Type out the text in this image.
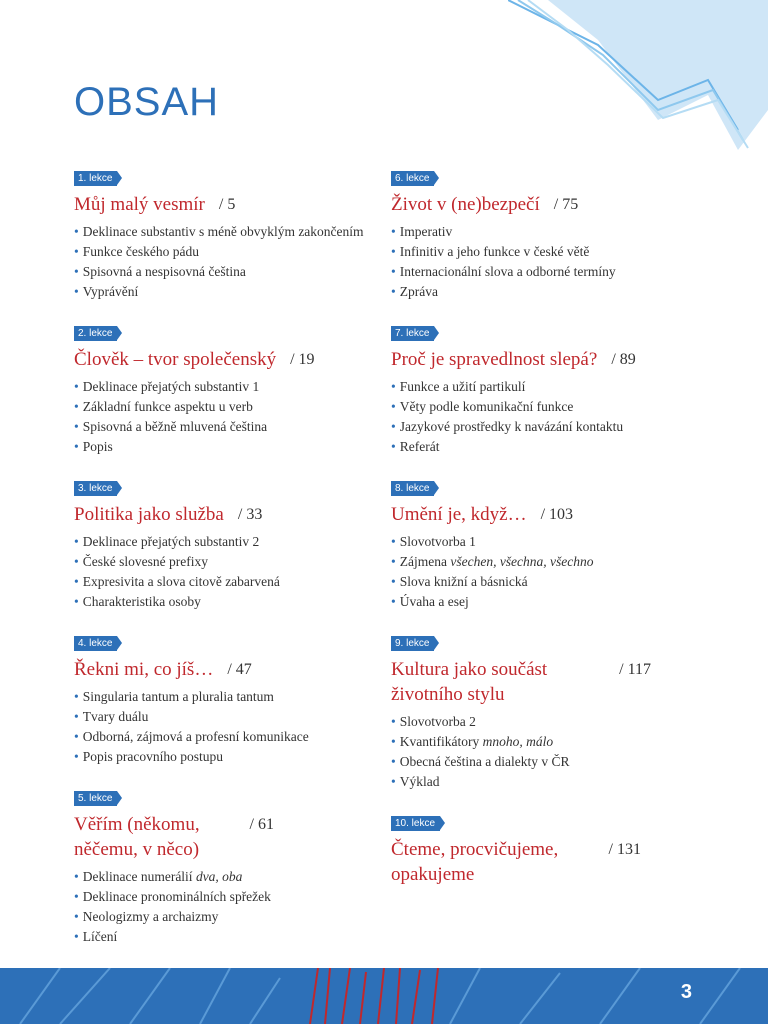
OBSAH
1. lekce
Můj malý vesmír / 5
• Deklinace substantiv s méně obvyklým zakončením
• Funkce českého pádu
• Spisovná a nespisovná čeština
• Vyprávění
2. lekce
Člověk – tvor společenský / 19
• Deklinace přejatých substantiv 1
• Základní funkce aspektu u verb
• Spisovná a běžně mluvená čeština
• Popis
3. lekce
Politika jako služba / 33
• Deklinace přejatých substantiv 2
• České slovesné prefixy
• Expresivita a slova citově zabarvená
• Charakteristika osoby
4. lekce
Řekni mi, co jíš… / 47
• Singularia tantum a pluralia tantum
• Tvary duálu
• Odborná, zájmová a profesní komunikace
• Popis pracovního postupu
5. lekce
Věřím (někomu, něčemu, v něco)
/ 61
• Deklinace numerálií dva, oba
• Deklinace pronominálních spřežek
• Neologizmy a archaizmy
• Líčení
6. lekce
Život v (ne)bezpečí / 75
• Imperativ
• Infinitiv a jeho funkce v české větě
• Internacionální slova a odborné termíny
• Zpráva
7. lekce
Proč je spravedlnost slepá? / 89
• Funkce a užití partikulí
• Věty podle komunikační funkce
• Jazykové prostředky k navázání kontaktu
• Referát
8. lekce
Umění je, když… / 103
• Slovotvorba 1
• Zájmena všechen, všechna, všechno
• Slova knižní a básnická
• Úvaha a esej
9. lekce
Kultura jako součást životního stylu
/ 117
• Slovotvorba 2
• Kvantifikátory mnoho, málo
• Obecná čeština a dialekty v ČR
• Výklad
10. lekce
Čteme, procvičujeme, opakujeme
/ 131
3
